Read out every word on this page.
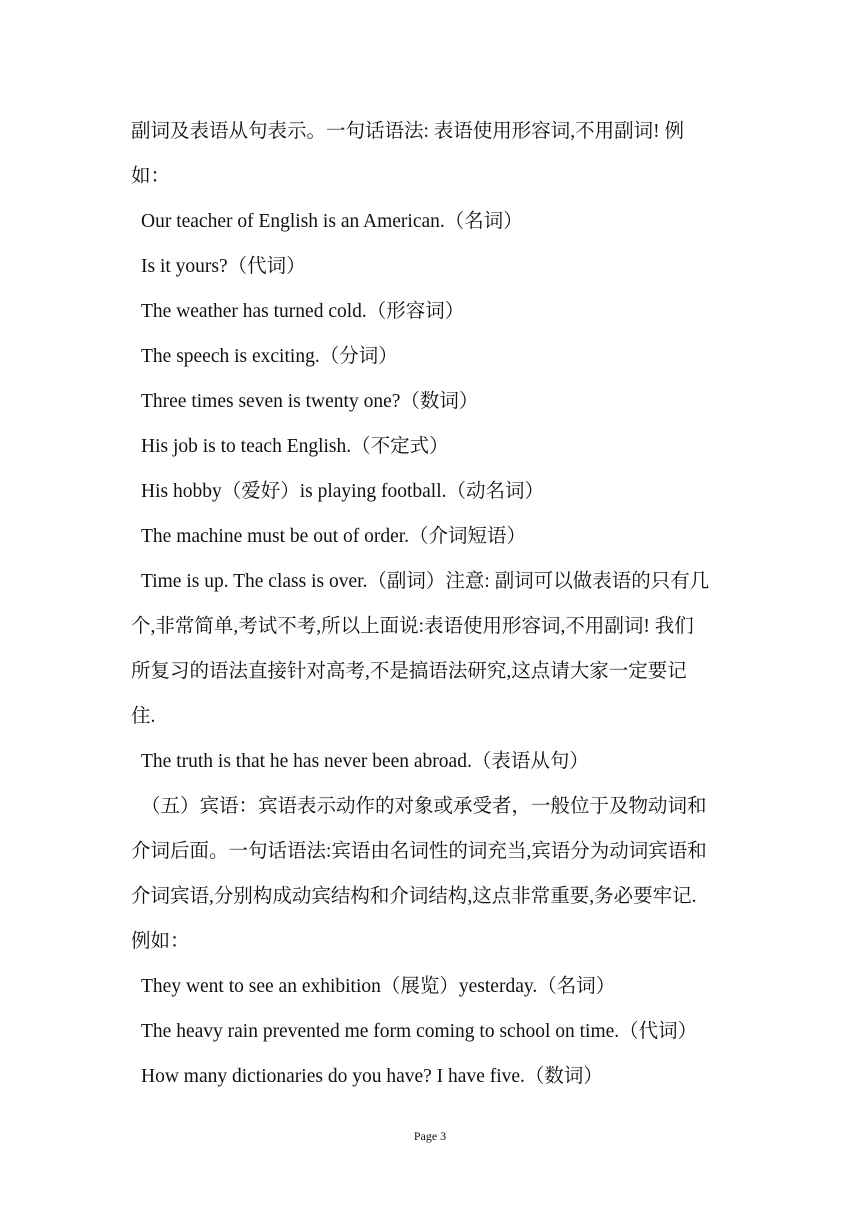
副词及表语从句表示。一句话语法: 表语使用形容词,不用副词! 例
如：
Our teacher of English is an American.（名词）
Is it yours?（代词）
The weather has turned cold.（形容词）
The speech is exciting.（分词）
Three times seven is twenty one?（数词）
His job is to teach English.（不定式）
His hobby（爱好）is playing football.（动名词）
The machine must be out of order.（介词短语）
Time is up. The class is over.（副词）注意: 副词可以做表语的只有几
个,非常简单,考试不考,所以上面说:表语使用形容词,不用副词! 我们
所复习的语法直接针对高考,不是搞语法研究,这点请大家一定要记
住.
The truth is that he has never been abroad.（表语从句）
（五）宾语：宾语表示动作的对象或承受者，一般位于及物动词和
介词后面。一句话语法:宾语由名词性的词充当,宾语分为动词宾语和
介词宾语,分别构成动宾结构和介词结构,这点非常重要,务必要牢记.
例如：
They went to see an exhibition（展览）yesterday.（名词）
The heavy rain prevented me form coming to school on time.（代词）
How many dictionaries do you have? I have five.（数词）
Page 3
